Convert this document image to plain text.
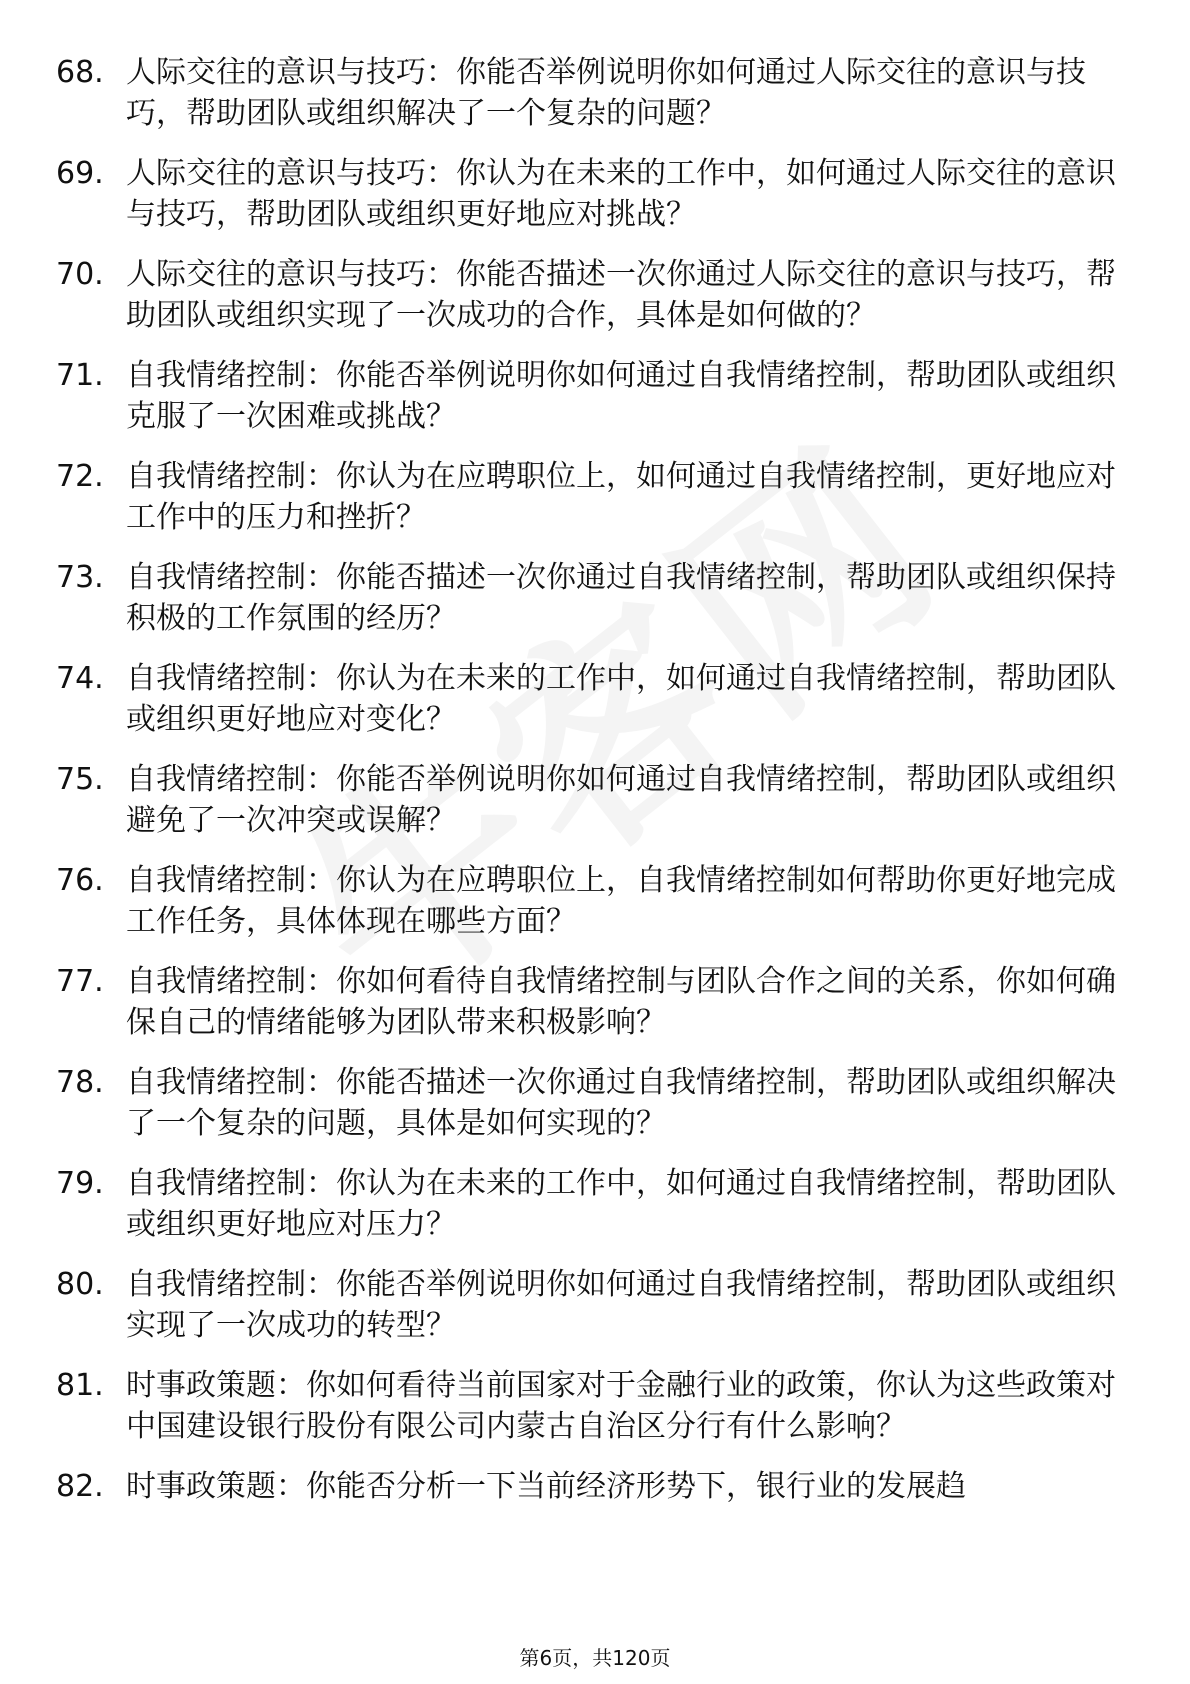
68. 人际交往的意识与技巧：你能否举例说明你如何通过人际交往的意识与技巧，帮助团队或组织解决了一个复杂的问题？
69. 人际交往的意识与技巧：你认为在未来的工作中，如何通过人际交往的意识与技巧，帮助团队或组织更好地应对挑战？
70. 人际交往的意识与技巧：你能否描述一次你通过人际交往的意识与技巧，帮助团队或组织实现了一次成功的合作，具体是如何做的？
71. 自我情绪控制：你能否举例说明你如何通过自我情绪控制，帮助团队或组织克服了一次困难或挑战？
72. 自我情绪控制：你认为在应聘职位上，如何通过自我情绪控制，更好地应对工作中的压力和挫折？
73. 自我情绪控制：你能否描述一次你通过自我情绪控制，帮助团队或组织保持积极的工作氛围的经历？
74. 自我情绪控制：你认为在未来的工作中，如何通过自我情绪控制，帮助团队或组织更好地应对变化？
75. 自我情绪控制：你能否举例说明你如何通过自我情绪控制，帮助团队或组织避免了一次冲突或误解？
76. 自我情绪控制：你认为在应聘职位上，自我情绪控制如何帮助你更好地完成工作任务，具体体现在哪些方面？
77. 自我情绪控制：你如何看待自我情绪控制与团队合作之间的关系，你如何确保自己的情绪能够为团队带来积极影响？
78. 自我情绪控制：你能否描述一次你通过自我情绪控制，帮助团队或组织解决了一个复杂的问题，具体是如何实现的？
79. 自我情绪控制：你认为在未来的工作中，如何通过自我情绪控制，帮助团队或组织更好地应对压力？
80. 自我情绪控制：你能否举例说明你如何通过自我情绪控制，帮助团队或组织实现了一次成功的转型？
81. 时事政策题：你如何看待当前国家对于金融行业的政策，你认为这些政策对中国建设银行股份有限公司内蒙古自治区分行有什么影响？
82. 时事政策题：你能否分析一下当前经济形势下，银行业的发展趋
第6页，共120页
